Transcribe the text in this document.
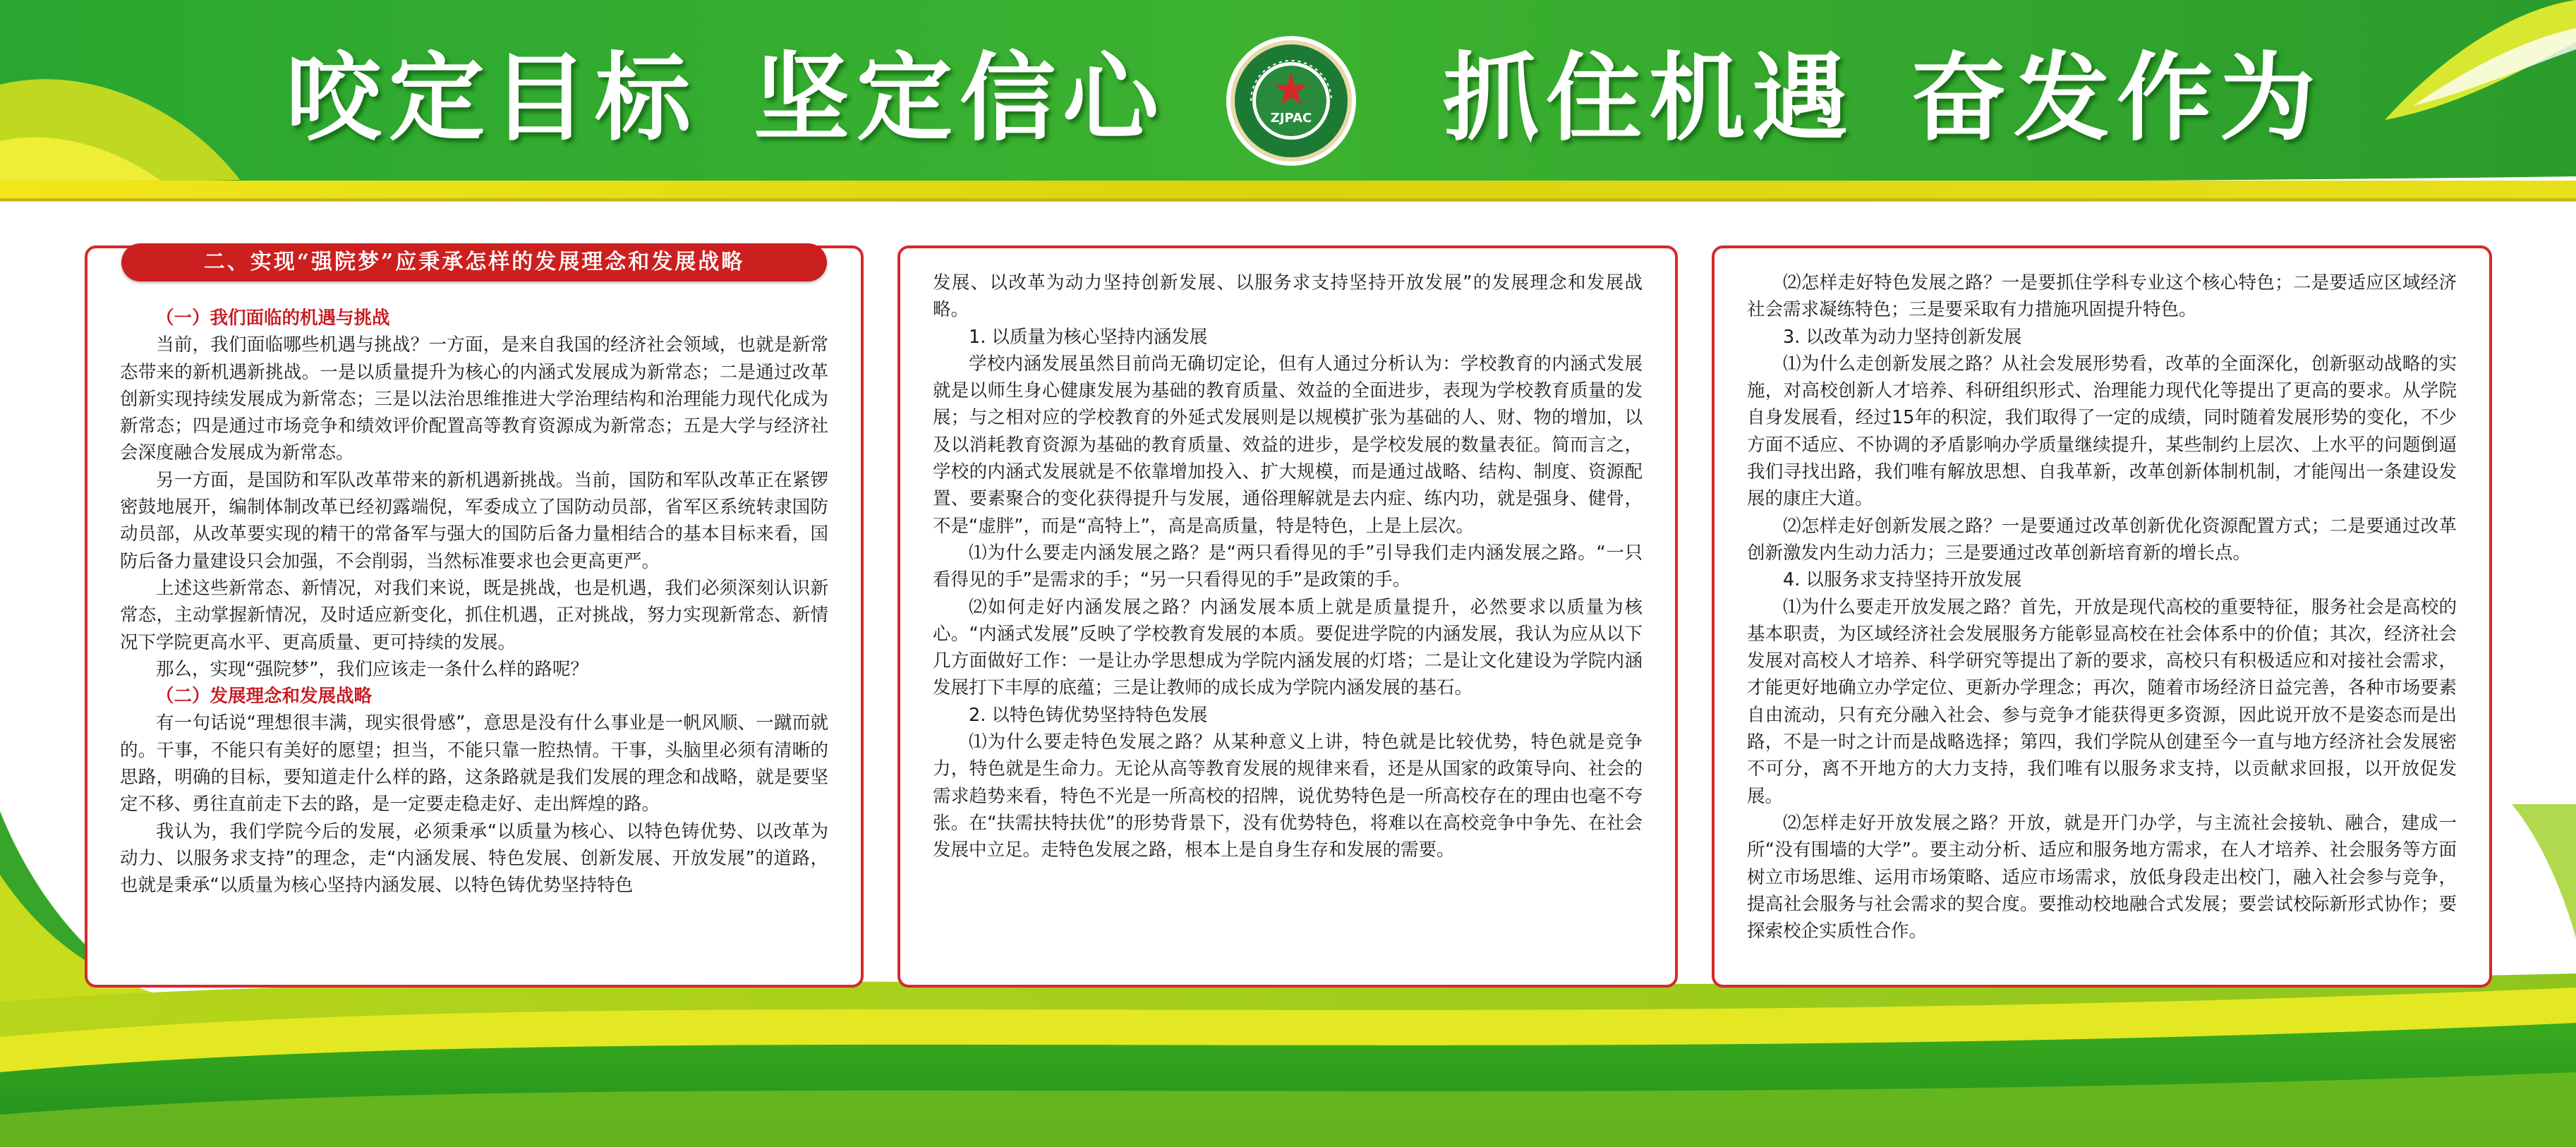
咬定目标 坚定信心	抓住机遇 奋发作为
ZJPAC

（一）我们面临的机遇与挑战

当前，我们面临哪些机遇与挑战？一方面，是来自我国的经济社会领域，也就是新常态带来的新机遇新挑战。一是以质量提升为核心的内涵式发展成为新常态；二是通过改革创新实现持续发展成为新常态；三是以法治思维推进大学治理结构和治理能力现代化成为新常态；四是通过市场竞争和绩效评价配置高等教育资源成为新常态；五是大学与经济社会深度融合发展成为新常态。

另一方面，是国防和军队改革带来的新机遇新挑战。当前，国防和军队改革正在紧锣密鼓地展开，编制体制改革已经初露端倪，军委成立了国防动员部，省军区系统转隶国防动员部，从改革要实现的精干的常备军与强大的国防后备力量相结合的基本目标来看，国防后备力量建设只会加强，不会削弱，当然标准要求也会更高更严。

上述这些新常态、新情况，对我们来说，既是挑战，也是机遇，我们必须深刻认识新常态，主动掌握新情况，及时适应新变化，抓住机遇，正对挑战，努力实现新常态、新情况下学院更高水平、更高质量、更可持续的发展。

那么，实现“强院梦”，我们应该走一条什么样的路呢？

（二）发展理念和发展战略

有一句话说“理想很丰满，现实很骨感”，意思是没有什么事业是一帆风顺、一蹴而就的。干事，不能只有美好的愿望；担当，不能只靠一腔热情。干事，头脑里必须有清晰的思路，明确的目标，要知道走什么样的路，这条路就是我们发展的理念和战略，就是要坚定不移、勇往直前走下去的路，是一定要走稳走好、走出辉煌的路。

我认为，我们学院今后的发展，必须秉承“以质量为核心、以特色铸优势、以改革为动力、以服务求支持”的理念，走“内涵发展、特色发展、创新发展、开放发展”的道路，也就是秉承“以质量为核心坚持内涵发展、以特色铸优势坚持特色

二、实现“强院梦”应秉承怎样的发展理念和发展战略

发展、以改革为动力坚持创新发展、以服务求支持坚持开放发展”的发展理念和发展战略。

1. 以质量为核心坚持内涵发展

学校内涵发展虽然目前尚无确切定论，但有人通过分析认为：学校教育的内涵式发展就是以师生身心健康发展为基础的教育质量、效益的全面进步，表现为学校教育质量的发展；与之相对应的学校教育的外延式发展则是以规模扩张为基础的人、财、物的增加，以及以消耗教育资源为基础的教育质量、效益的进步，是学校发展的数量表征。简而言之，学校的内涵式发展就是不依靠增加投入、扩大规模，而是通过战略、结构、制度、资源配置、要素聚合的变化获得提升与发展，通俗理解就是去内症、练内功，就是强身、健骨，不是“虚胖”，而是“高特上”，高是高质量，特是特色，上是上层次。

⑴为什么要走内涵发展之路？是“两只看得见的手”引导我们走内涵发展之路。“一只看得见的手”是需求的手；“另一只看得见的手”是政策的手。

⑵如何走好内涵发展之路？内涵发展本质上就是质量提升，必然要求以质量为核心。“内涵式发展”反映了学校教育发展的本质。要促进学院的内涵发展，我认为应从以下几方面做好工作：一是让办学思想成为学院内涵发展的灯塔；二是让文化建设为学院内涵发展打下丰厚的底蕴；三是让教师的成长成为学院内涵发展的基石。

2. 以特色铸优势坚持特色发展

⑴为什么要走特色发展之路？从某种意义上讲，特色就是比较优势，特色就是竞争力，特色就是生命力。无论从高等教育发展的规律来看，还是从国家的政策导向、社会的需求趋势来看，特色不光是一所高校的招牌，说优势特色是一所高校存在的理由也毫不夸张。在“扶需扶特扶优”的形势背景下，没有优势特色，将难以在高校竞争中争先、在社会发展中立足。走特色发展之路，根本上是自身生存和发展的需要。

⑵怎样走好特色发展之路？一是要抓住学科专业这个核心特色；二是要适应区域经济社会需求凝练特色；三是要采取有力措施巩固提升特色。

3. 以改革为动力坚持创新发展

⑴为什么走创新发展之路？从社会发展形势看，改革的全面深化，创新驱动战略的实施，对高校创新人才培养、科研组织形式、治理能力现代化等提出了更高的要求。从学院自身发展看，经过15年的积淀，我们取得了一定的成绩，同时随着发展形势的变化，不少方面不适应、不协调的矛盾影响办学质量继续提升，某些制约上层次、上水平的问题倒逼我们寻找出路，我们唯有解放思想、自我革新，改革创新体制机制，才能闯出一条建设发展的康庄大道。

⑵怎样走好创新发展之路？一是要通过改革创新优化资源配置方式；二是要通过改革创新激发内生动力活力；三是要通过改革创新培育新的增长点。

4. 以服务求支持坚持开放发展

⑴为什么要走开放发展之路？首先，开放是现代高校的重要特征，服务社会是高校的基本职责，为区域经济社会发展服务方能彰显高校在社会体系中的价值；其次，经济社会发展对高校人才培养、科学研究等提出了新的要求，高校只有积极适应和对接社会需求，才能更好地确立办学定位、更新办学理念；再次，随着市场经济日益完善，各种市场要素自由流动，只有充分融入社会、参与竞争才能获得更多资源，因此说开放不是姿态而是出路，不是一时之计而是战略选择；第四，我们学院从创建至今一直与地方经济社会发展密不可分，离不开地方的大力支持，我们唯有以服务求支持，以贡献求回报，以开放促发展。

⑵怎样走好开放发展之路？开放，就是开门办学，与主流社会接轨、融合，建成一所“没有围墙的大学”。要主动分析、适应和服务地方需求，在人才培养、社会服务等方面树立市场思维、运用市场策略、适应市场需求，放低身段走出校门，融入社会参与竞争，提高社会服务与社会需求的契合度。要推动校地融合式发展；要尝试校际新形式协作；要探索校企实质性合作。
